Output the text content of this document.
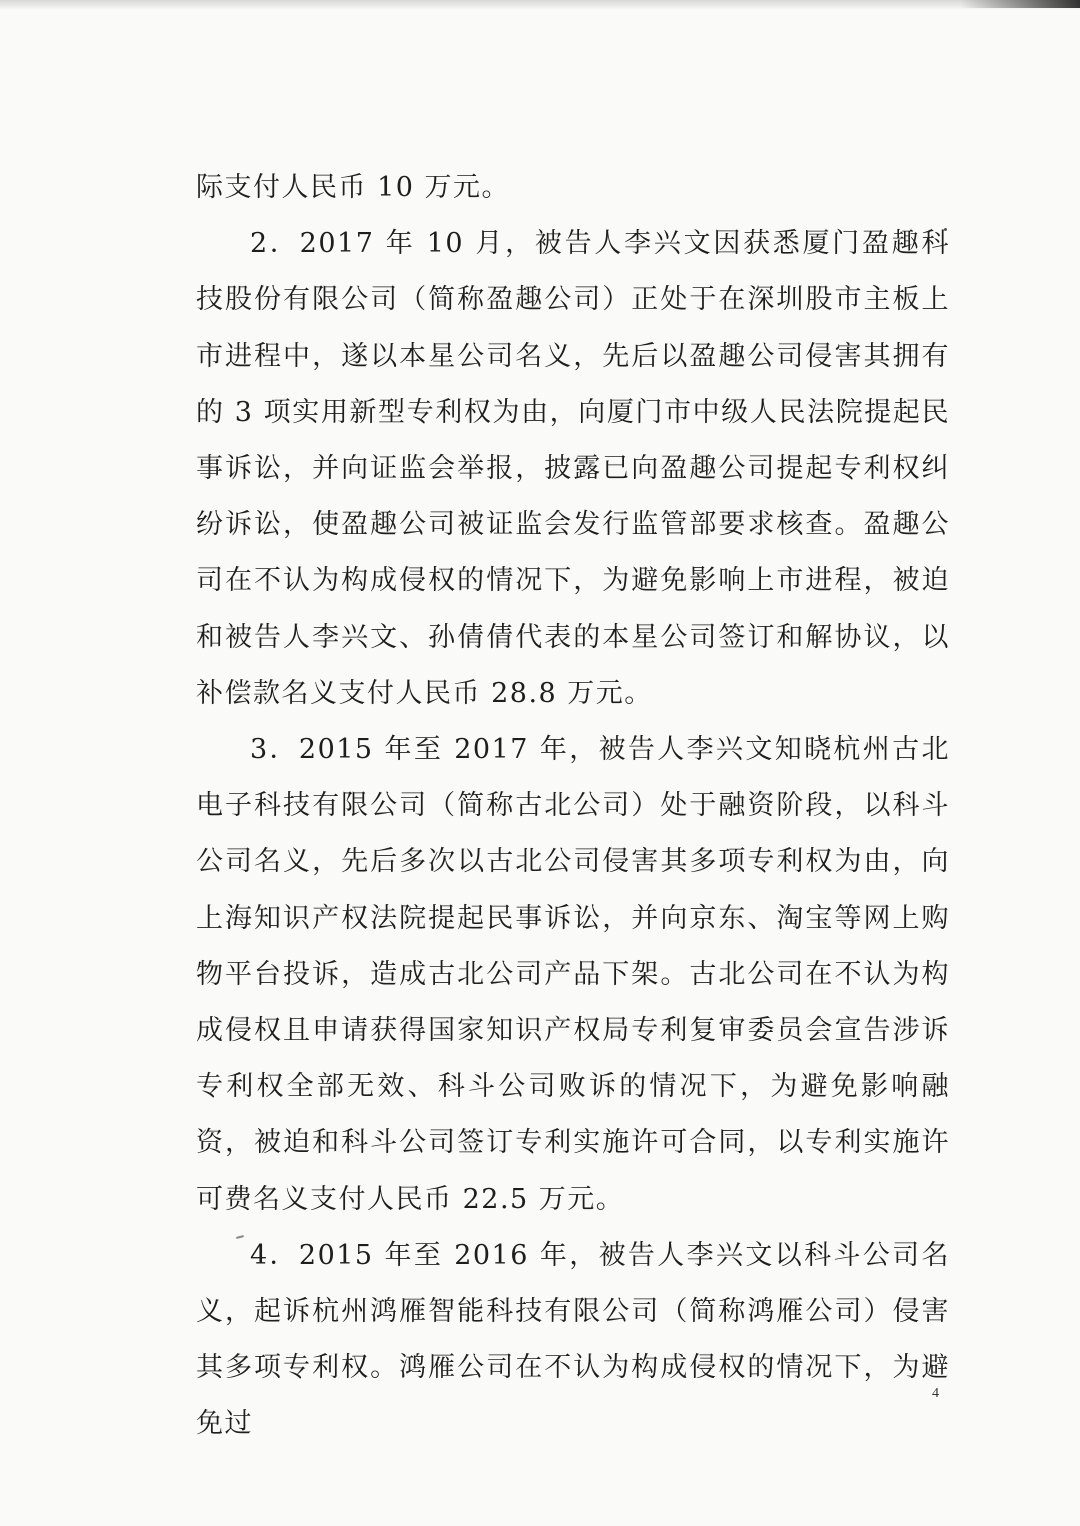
际支付人民币 10 万元。

2．2017 年 10 月，被告人李兴文因获悉厦门盈趣科技股份有限公司（简称盈趣公司）正处于在深圳股市主板上市进程中，遂以本星公司名义，先后以盈趣公司侵害其拥有的 3 项实用新型专利权为由，向厦门市中级人民法院提起民事诉讼，并向证监会举报，披露已向盈趣公司提起专利权纠纷诉讼，使盈趣公司被证监会发行监管部要求核查。盈趣公司在不认为构成侵权的情况下，为避免影响上市进程，被迫和被告人李兴文、孙倩倩代表的本星公司签订和解协议，以补偿款名义支付人民币 28.8 万元。

3．2015 年至 2017 年，被告人李兴文知晓杭州古北电子科技有限公司（简称古北公司）处于融资阶段，以科斗公司名义，先后多次以古北公司侵害其多项专利权为由，向上海知识产权法院提起民事诉讼，并向京东、淘宝等网上购物平台投诉，造成古北公司产品下架。古北公司在不认为构成侵权且申请获得国家知识产权局专利复审委员会宣告涉诉专利权全部无效、科斗公司败诉的情况下，为避免影响融资，被迫和科斗公司签订专利实施许可合同，以专利实施许可费名义支付人民币 22.5 万元。

4．2015 年至 2016 年，被告人李兴文以科斗公司名义，起诉杭州鸿雁智能科技有限公司（简称鸿雁公司）侵害其多项专利权。鸿雁公司在不认为构成侵权的情况下，为避免过

4
